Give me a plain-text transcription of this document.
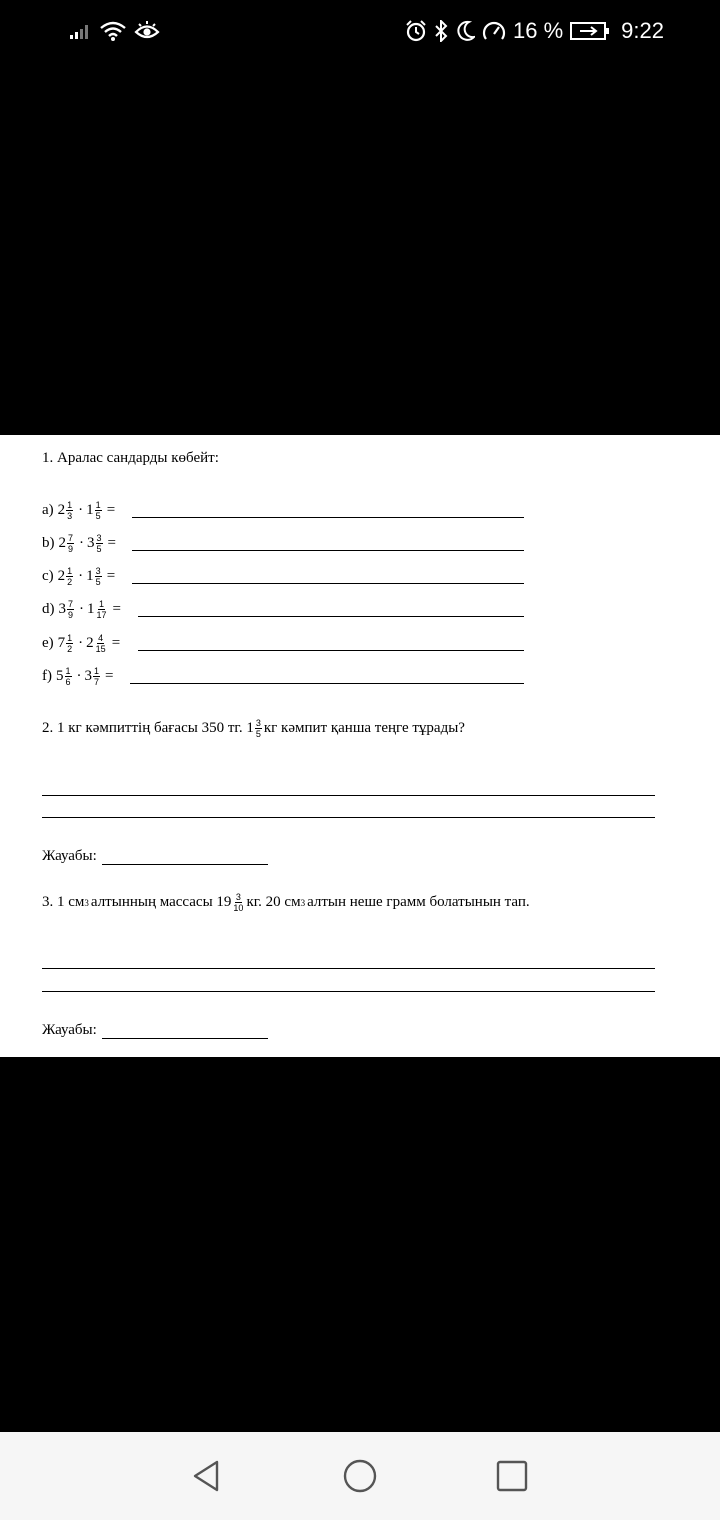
16 %	9:22
1. Аралас сандарды көбейт:
a) $2 \frac{1}{3} \cdot 1 \frac{1}{5}$ =
b) $2 \frac{7}{9} \cdot 3 \frac{3}{5}$ =
c) $2 \frac{1}{2} \cdot 1 \frac{3}{5}$ =
d) $3 \frac{7}{9} \cdot 1 \frac{1}{17}$ =
e) $7 \frac{1}{2} \cdot 2 \frac{4}{15}$ =
f) $5 \frac{1}{6} \cdot 3 \frac{1}{7}$ =
2. 1 кг кәмпиттің бағасы 350 тг. $1 \frac{3}{5}$ кг кәмпит қанша теңге тұрады?
Жауабы:
3. 1 см 3 алтынның массасы $19 \frac{3}{10}$ кг. 20 см 3 алтын неше грамм болатынын тап.
Жауабы:
